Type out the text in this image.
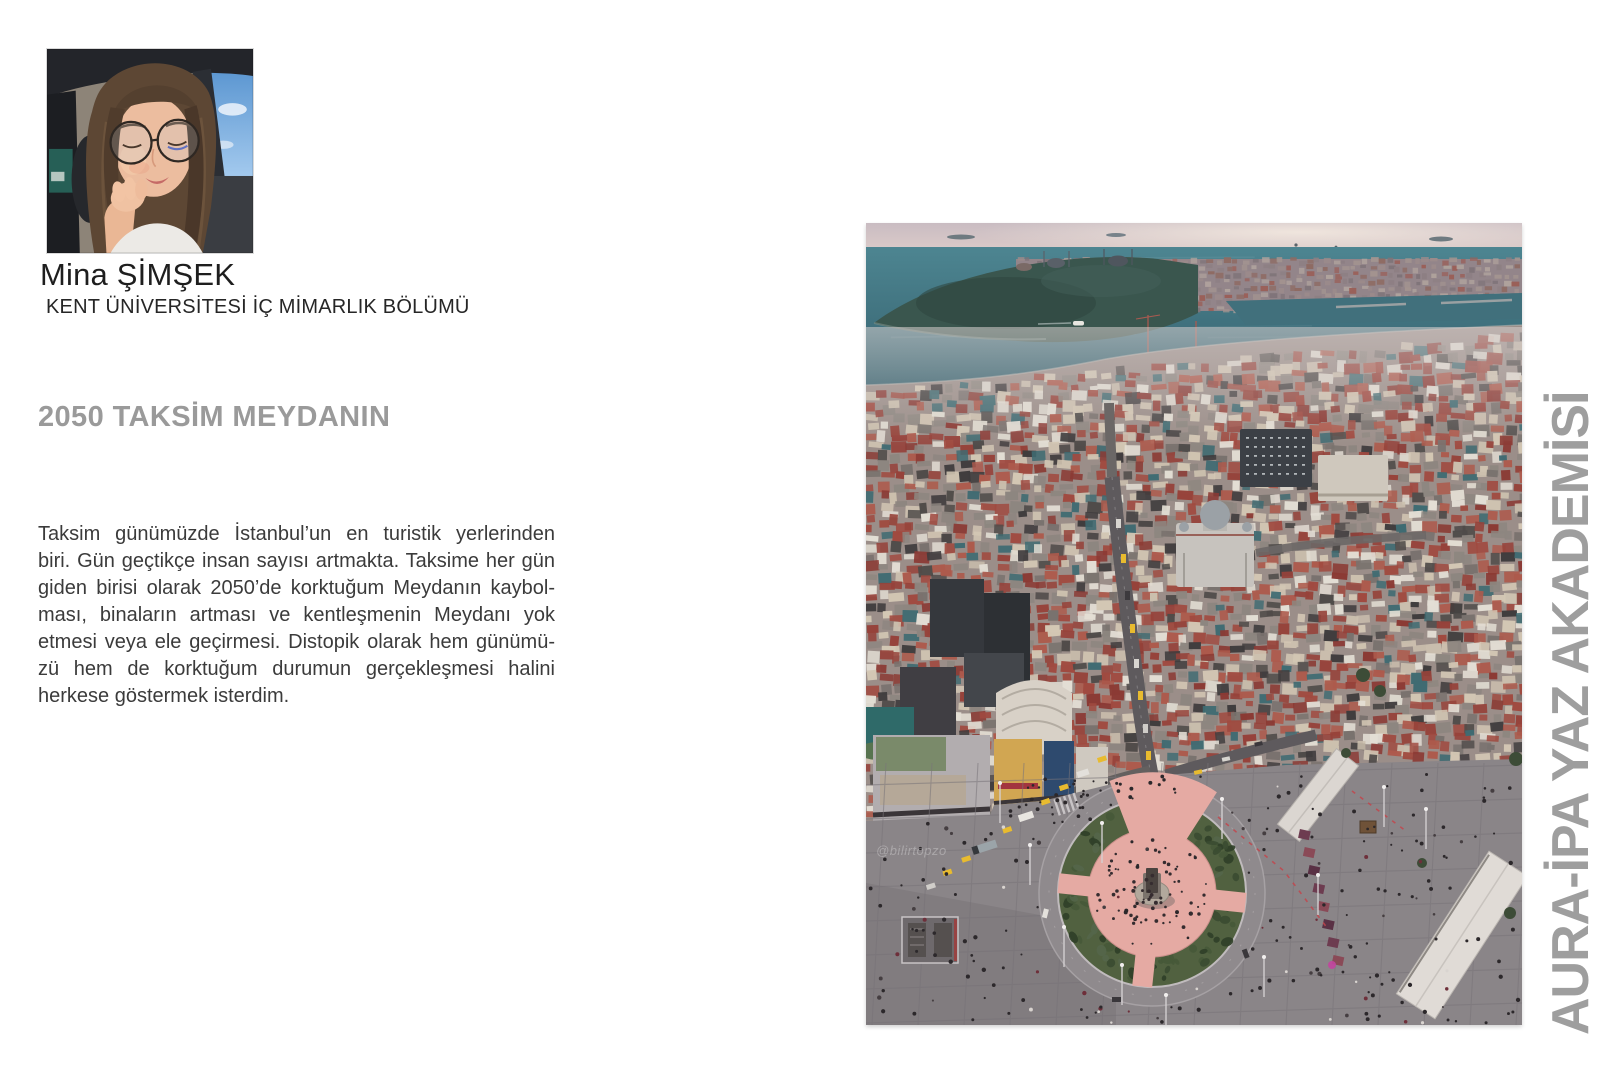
Mina ŞİMŞEK
KENT ÜNİVERSİTESİ İÇ MİMARLIK BÖLÜMÜ
2050 TAKSİM MEYDANIN
Taksim günümüzde İstanbul’un en turistik yerlerinden
biri. Gün geçtikçe insan sayısı artmakta. Taksime her gün
giden birisi olarak 2050’de korktuğum Meydanın kaybol-
ması, binaların artması ve kentleşmenin Meydanı yok
etmesi veya ele geçirmesi. Distopik olarak hem günümü-
zü hem de korktuğum durumun gerçekleşmesi halini
herkese göstermek isterdim.
@bilirtopzo	AURA-İPA YAZ AKADEMİSİ
